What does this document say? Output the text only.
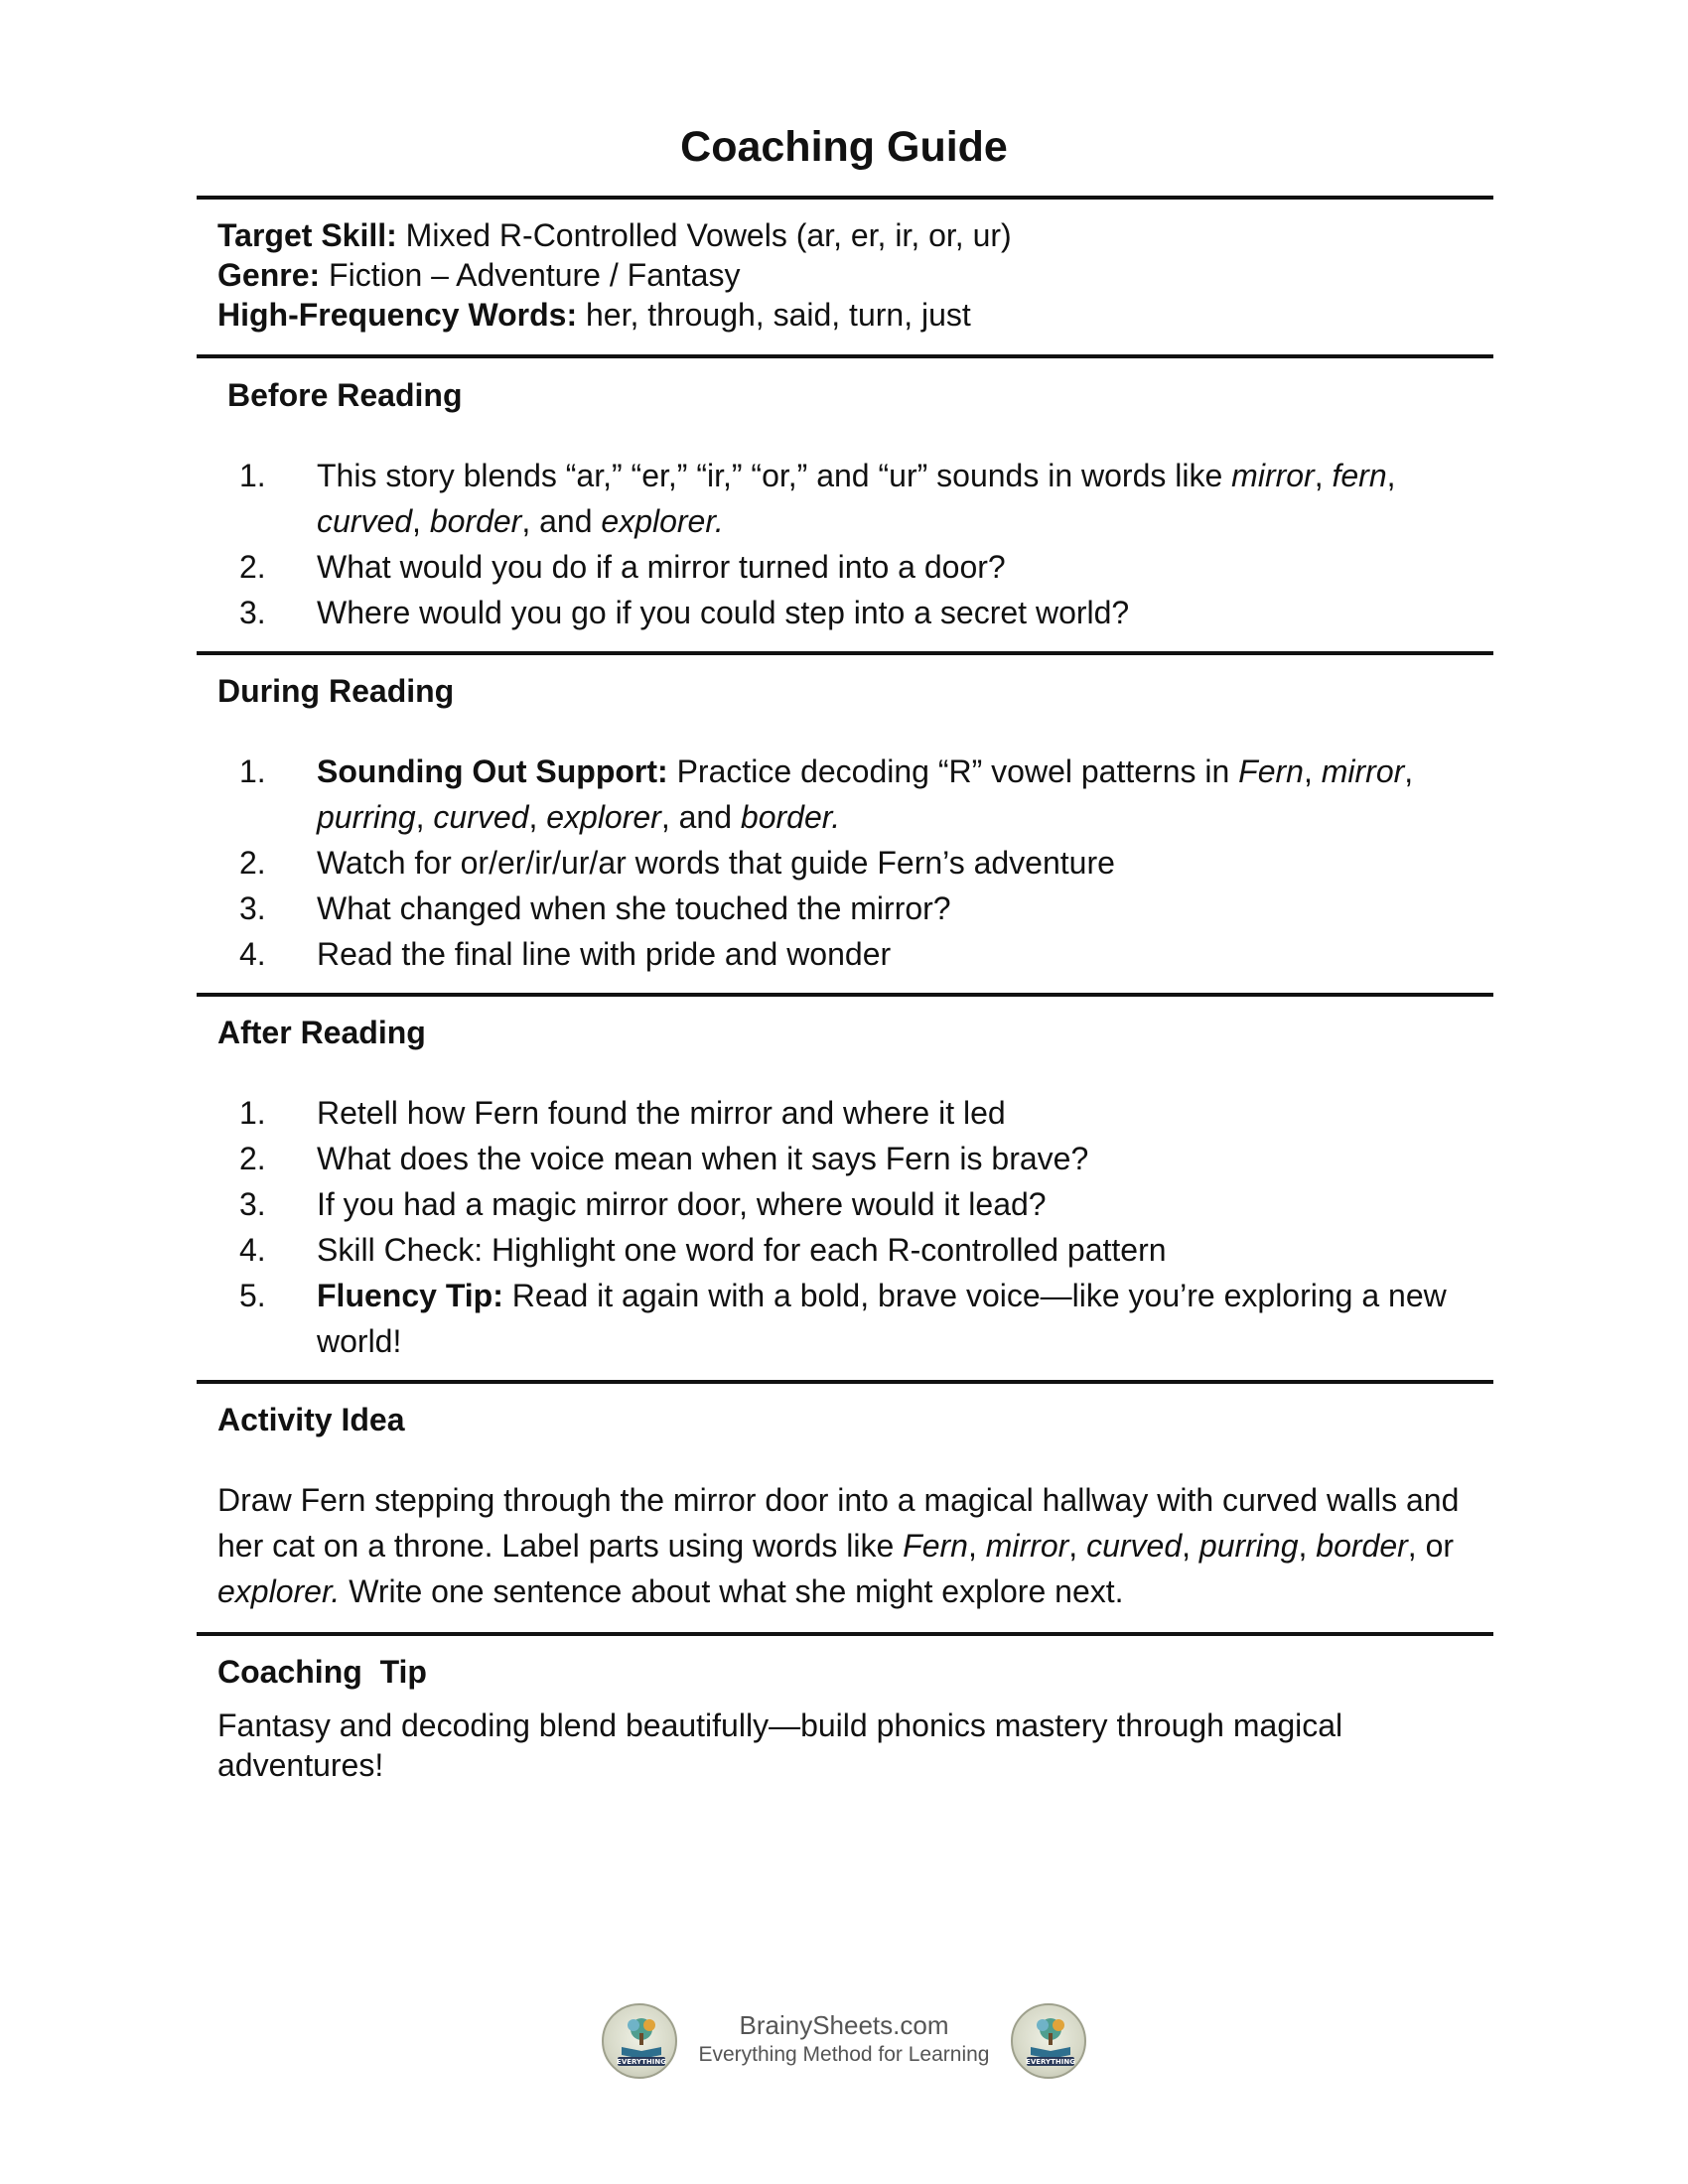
Coaching Guide
Target Skill: Mixed R-Controlled Vowels (ar, er, ir, or, ur)
Genre: Fiction – Adventure / Fantasy
High-Frequency Words: her, through, said, turn, just
Before Reading
1. This story blends “ar,” “er,” “ir,” “or,” and “ur” sounds in words like mirror, fern, curved, border, and explorer.
2. What would you do if a mirror turned into a door?
3. Where would you go if you could step into a secret world?
During Reading
1. Sounding Out Support: Practice decoding “R” vowel patterns in Fern, mirror, purring, curved, explorer, and border.
2. Watch for or/er/ir/ur/ar words that guide Fern’s adventure
3. What changed when she touched the mirror?
4. Read the final line with pride and wonder
After Reading
1. Retell how Fern found the mirror and where it led
2. What does the voice mean when it says Fern is brave?
3. If you had a magic mirror door, where would it lead?
4. Skill Check: Highlight one word for each R-controlled pattern
5. Fluency Tip: Read it again with a bold, brave voice—like you’re exploring a new world!
Activity Idea

Draw Fern stepping through the mirror door into a magical hallway with curved walls and her cat on a throne. Label parts using words like Fern, mirror, curved, purring, border, or explorer. Write one sentence about what she might explore next.

Coaching  Tip

Fantasy and decoding blend beautifully—build phonics mastery through magical adventures!

EVERYTHING
BrainySheets.com
Everything Method for Learning	EVERYTHING
